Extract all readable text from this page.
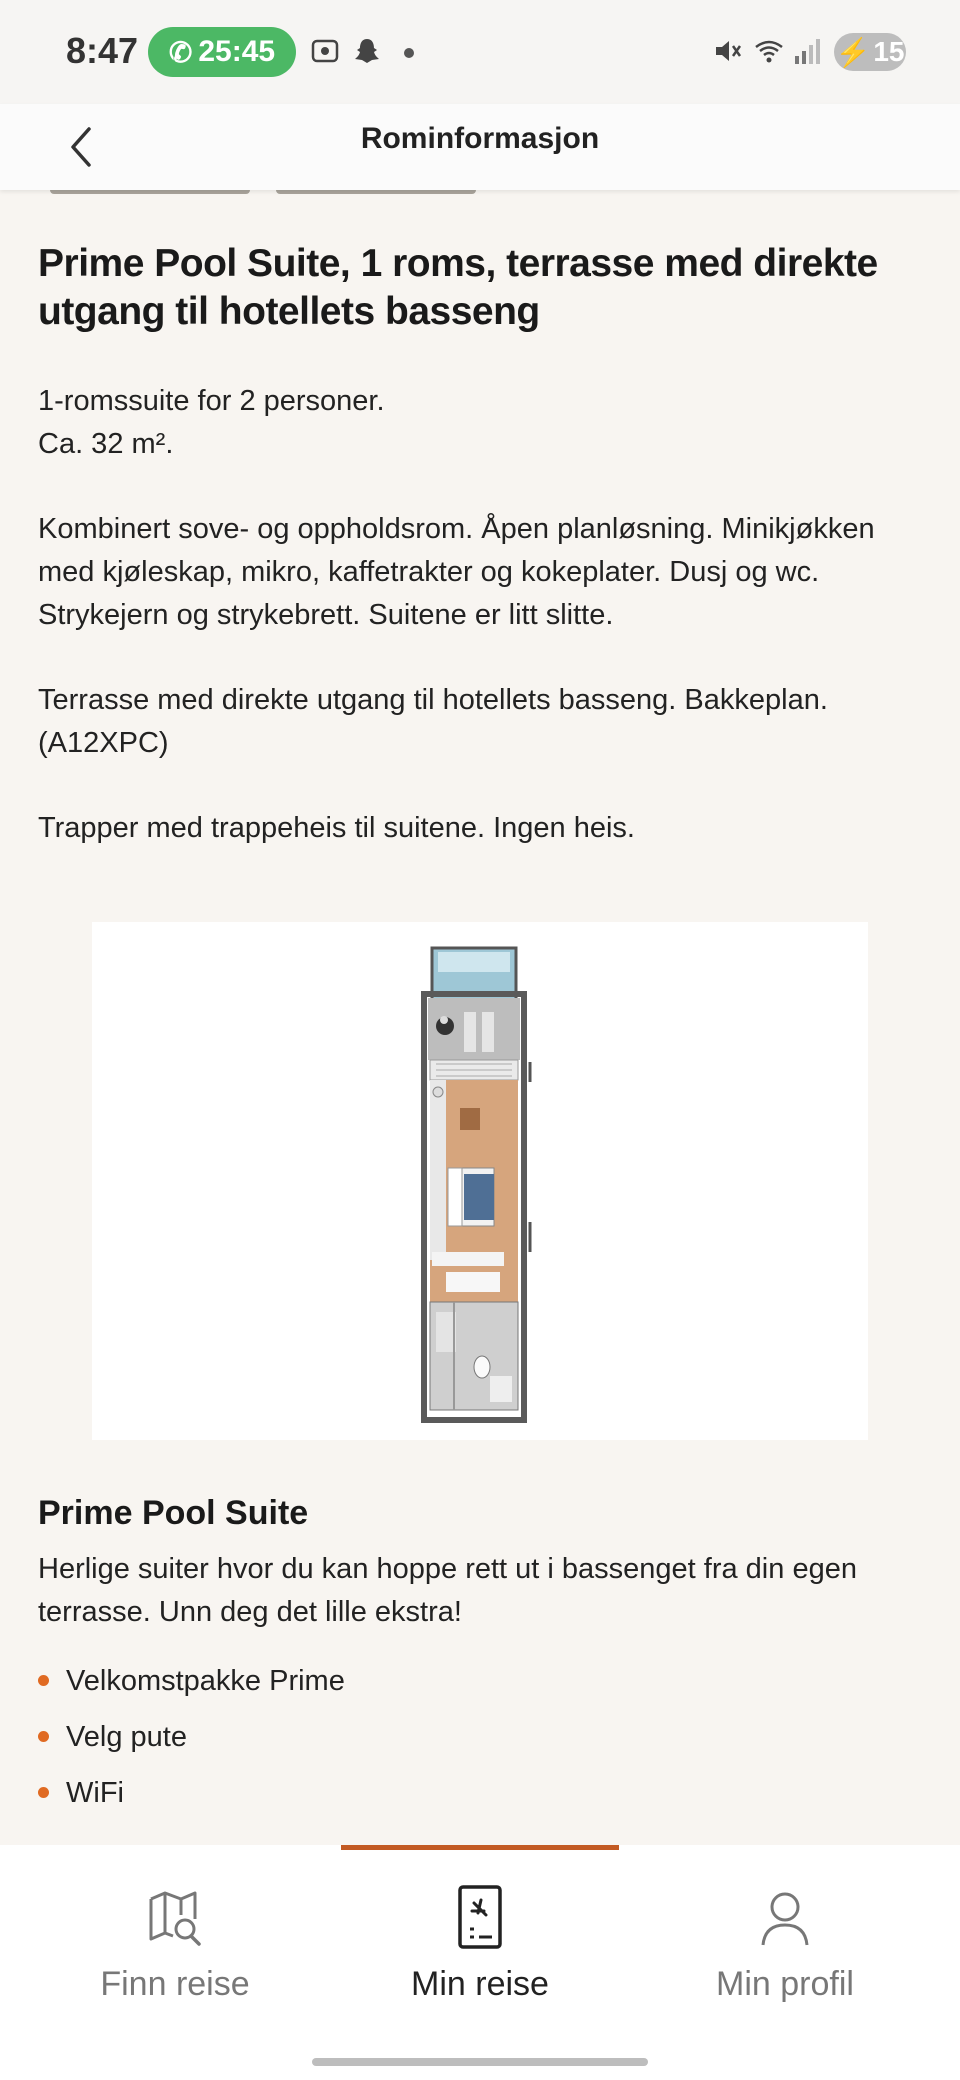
8:47 ✆ 25:45	⚡ 15
Rominformasjon
Prime Pool Suite, 1 roms, terrasse med direkte utgang til hotellets basseng

1-romssuite for 2 personer.

Ca. 32 m².

Kombinert sove- og oppholdsrom. Åpen planløsning. Minikjøkken med kjøleskap, mikro, kaffetrakter og kokeplater. Dusj og wc. Strykejern og strykebrett. Suitene er litt slitte.

Terrasse med direkte utgang til hotellets basseng. Bakkeplan. (A12XPC)

Trapper med trappeheis til suitene. Ingen heis.

Prime Pool Suite

Herlige suiter hvor du kan hoppe rett ut i bassenget fra din egen terrasse. Unn deg det lille ekstra!

Velkomstpakke Prime
Velg pute
WiFi
Finn reise	Min reise	Min profil
